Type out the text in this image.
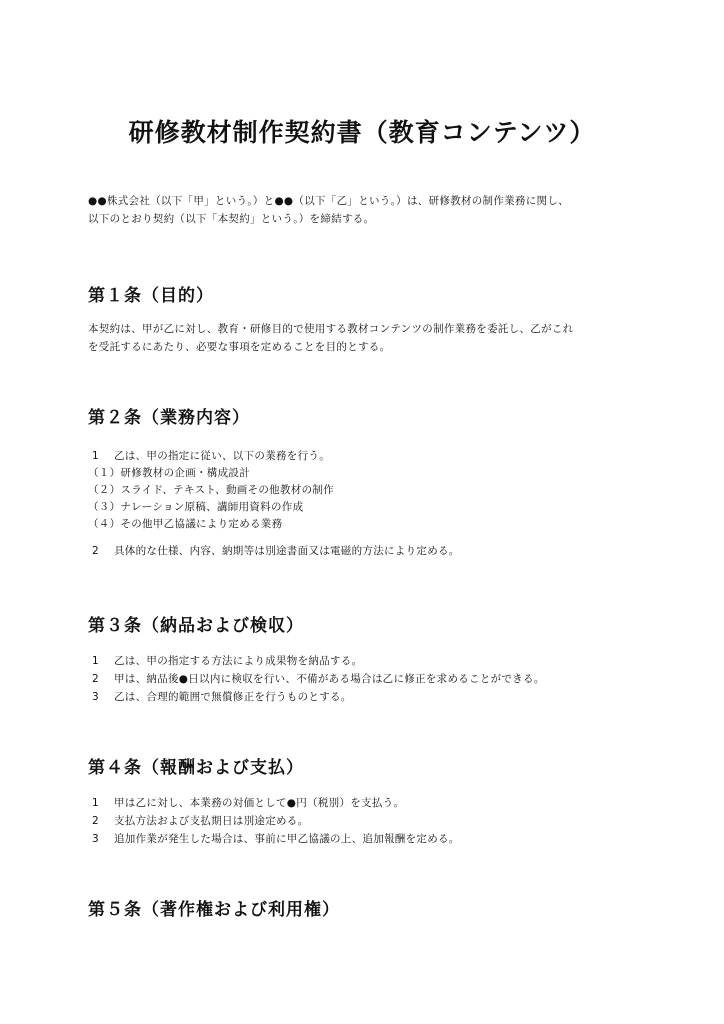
研修教材制作契約書（教育コンテンツ）
●●株式会社（以下「甲」という。）と●●（以下「乙」という。）は、研修教材の制作業務に関し、
以下のとおり契約（以下「本契約」という。）を締結する。
第１条（目的）
本契約は、甲が乙に対し、教育・研修目的で使用する教材コンテンツの制作業務を委託し、乙がこれ
を受託するにあたり、必要な事項を定めることを目的とする。
第２条（業務内容）
1 乙は、甲の指定に従い、以下の業務を行う。
（１）研修教材の企画・構成設計
（２）スライド、テキスト、動画その他教材の制作
（３）ナレーション原稿、講師用資料の作成
（４）その他甲乙協議により定める業務
2 具体的な仕様、内容、納期等は別途書面又は電磁的方法により定める。
第３条（納品および検収）
1 乙は、甲の指定する方法により成果物を納品する。
2 甲は、納品後●日以内に検収を行い、不備がある場合は乙に修正を求めることができる。
3 乙は、合理的範囲で無償修正を行うものとする。
第４条（報酬および支払）
1 甲は乙に対し、本業務の対価として●円（税別）を支払う。
2 支払方法および支払期日は別途定める。
3 追加作業が発生した場合は、事前に甲乙協議の上、追加報酬を定める。
第５条（著作権および利用権）
